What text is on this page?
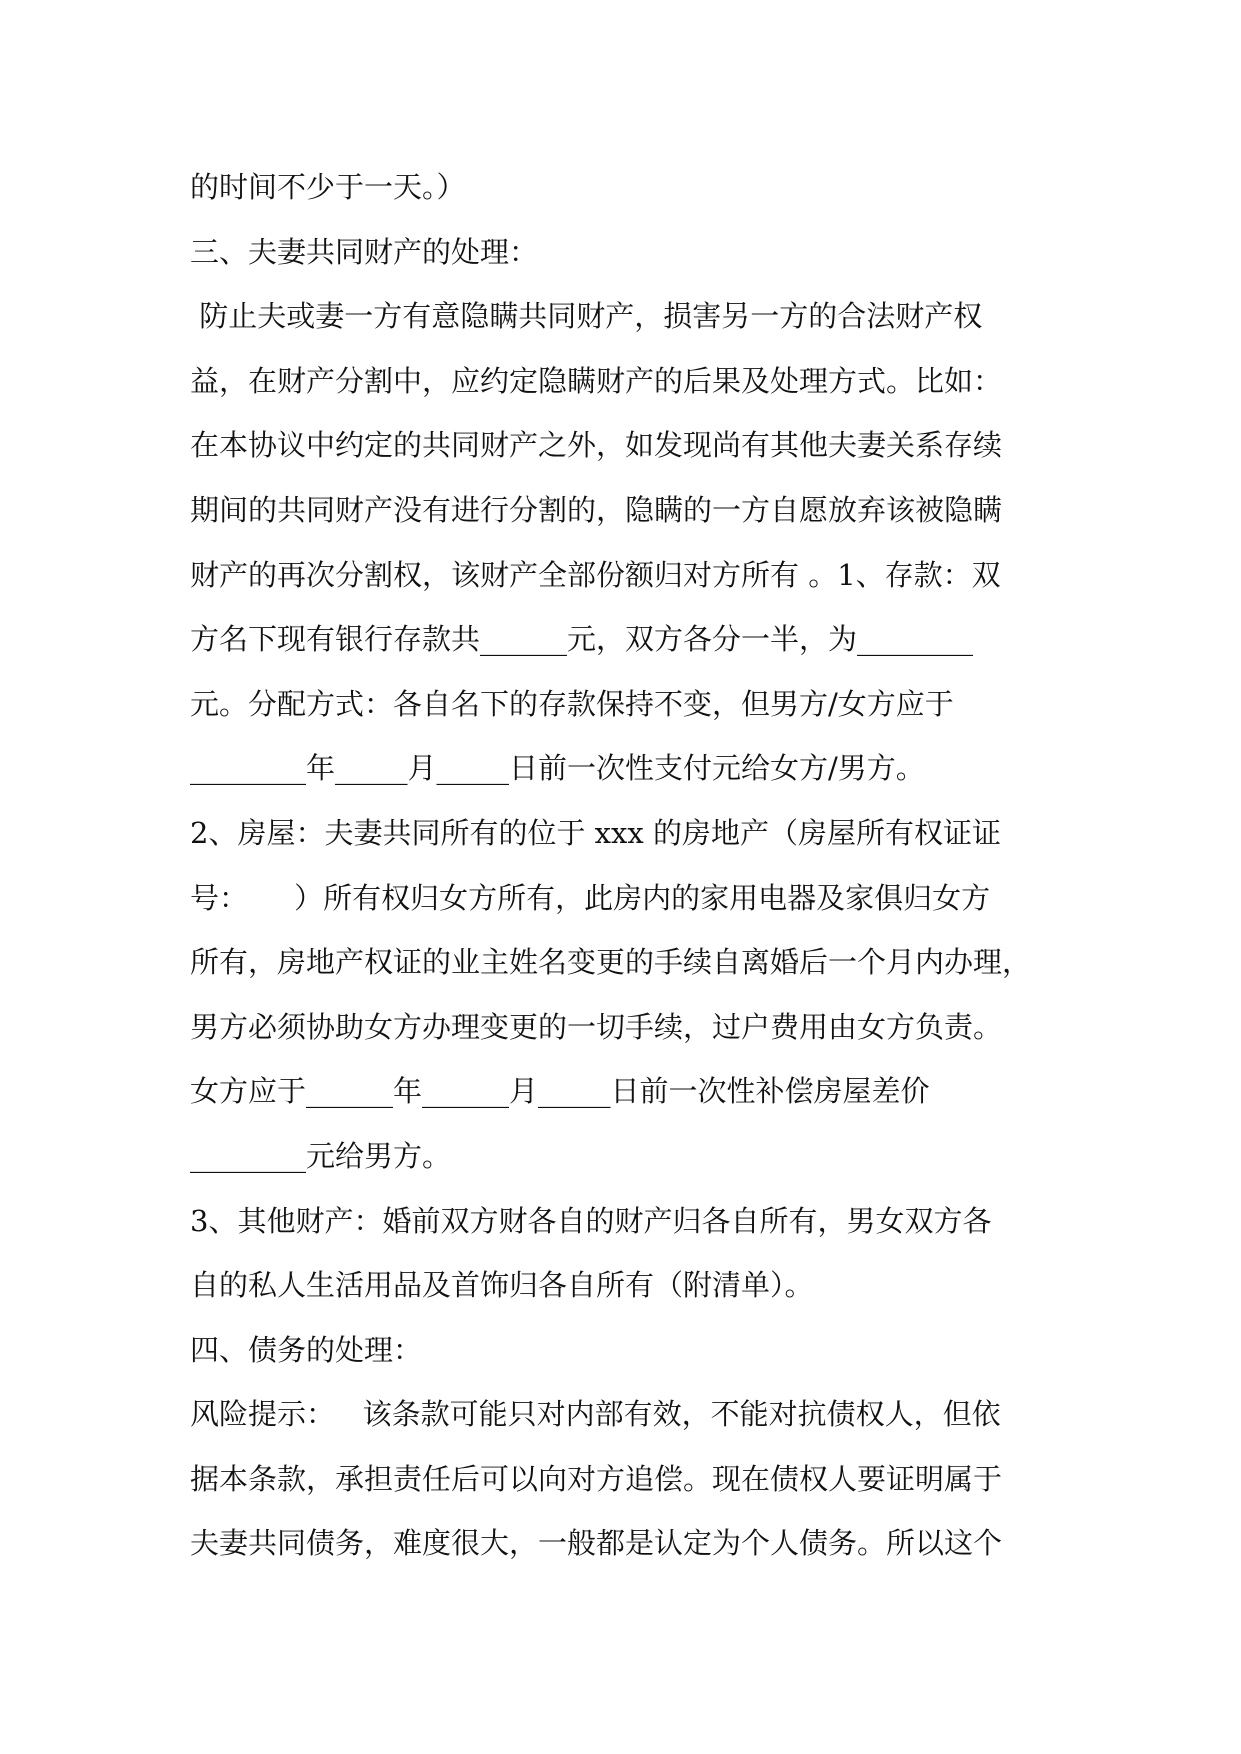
的时间不少于一天。）
三、夫妻共同财产的处理：
防止夫或妻一方有意隐瞒共同财产，损害另一方的合法财产权
益，在财产分割中，应约定隐瞒财产的后果及处理方式。比如：
在本协议中约定的共同财产之外，如发现尚有其他夫妻关系存续
期间的共同财产没有进行分割的，隐瞒的一方自愿放弃该被隐瞒
财产的再次分割权，该财产全部份额归对方所有 。1、存款：双
方名下现有银行存款共______元，双方各分一半，为________
元。分配方式：各自名下的存款保持不变，但男方/女方应于
________年_____月_____日前一次性支付元给女方/男方。
2、房屋：夫妻共同所有的位于 xxx 的房地产（房屋所有权证证
号：     ）所有权归女方所有，此房内的家用电器及家俱归女方
所有，房地产权证的业主姓名变更的手续自离婚后一个月内办理，
男方必须协助女方办理变更的一切手续，过户费用由女方负责。
女方应于______年______月_____日前一次性补偿房屋差价
________元给男方。
3、其他财产：婚前双方财各自的财产归各自所有，男女双方各
自的私人生活用品及首饰归各自所有（附清单）。
四、债务的处理：
风险提示：   该条款可能只对内部有效，不能对抗债权人，但依
据本条款，承担责任后可以向对方追偿。现在债权人要证明属于
夫妻共同债务，难度很大，一般都是认定为个人债务。所以这个
